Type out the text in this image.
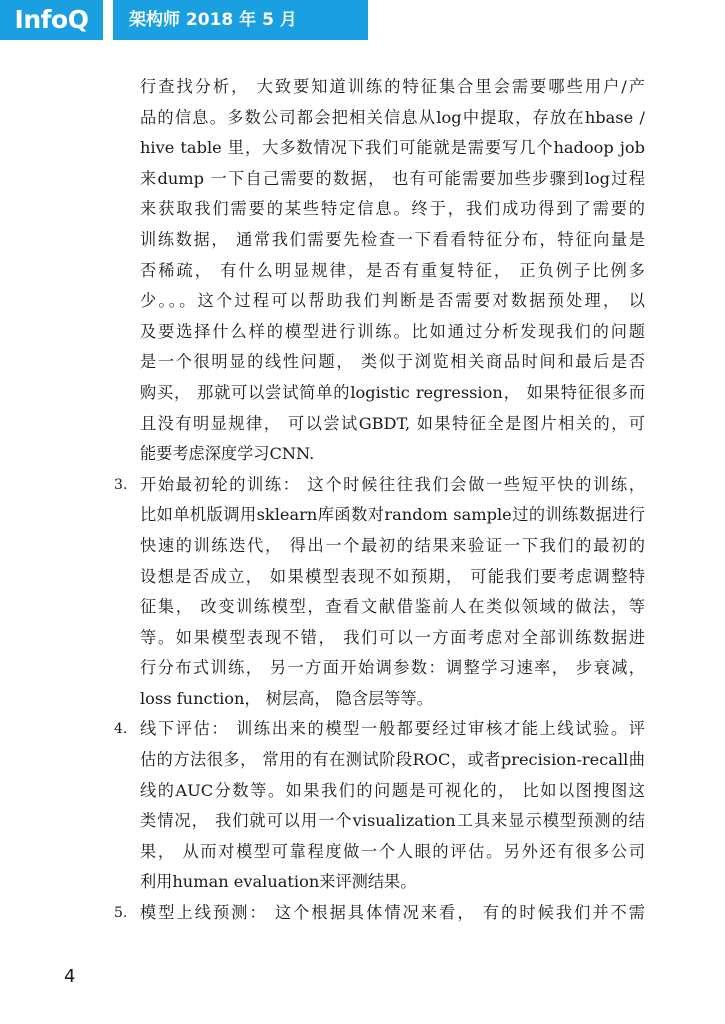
InfoQ	架构师 2018 年 5 月
行查找分析， 大致要知道训练的特征集合里会需要哪些用户/产
品的信息。多数公司都会把相关信息从log中提取，存放在hbase /
hive table 里，大多数情况下我们可能就是需要写几个hadoop job
来dump 一下自己需要的数据， 也有可能需要加些步骤到log过程
来获取我们需要的某些特定信息。终于，我们成功得到了需要的
训练数据， 通常我们需要先检查一下看看特征分布，特征向量是
否稀疏， 有什么明显规律，是否有重复特征， 正负例子比例多
少。。。这个过程可以帮助我们判断是否需要对数据预处理， 以
及要选择什么样的模型进行训练。比如通过分析发现我们的问题
是一个很明显的线性问题， 类似于浏览相关商品时间和最后是否
购买， 那就可以尝试简单的logistic regression， 如果特征很多而
且没有明显规律， 可以尝试GBDT, 如果特征全是图片相关的，可
能要考虑深度学习CNN.
3. 开始最初轮的训练： 这个时候往往我们会做一些短平快的训练，
比如单机版调用sklearn库函数对random sample过的训练数据进行
快速的训练迭代， 得出一个最初的结果来验证一下我们的最初的
设想是否成立， 如果模型表现不如预期， 可能我们要考虑调整特
征集， 改变训练模型，查看文献借鉴前人在类似领域的做法，等
等。如果模型表现不错， 我们可以一方面考虑对全部训练数据进
行分布式训练， 另一方面开始调参数：调整学习速率， 步衰减，
loss function， 树层高， 隐含层等等。
4. 线下评估： 训练出来的模型一般都要经过审核才能上线试验。评
估的方法很多， 常用的有在测试阶段ROC，或者precision-recall曲
线的AUC分数等。如果我们的问题是可视化的， 比如以图搜图这
类情况， 我们就可以用一个visualization工具来显示模型预测的结
果， 从而对模型可靠程度做一个人眼的评估。另外还有很多公司
利用human evaluation来评测结果。
5. 模型上线预测： 这个根据具体情况来看， 有的时候我们并不需
4
